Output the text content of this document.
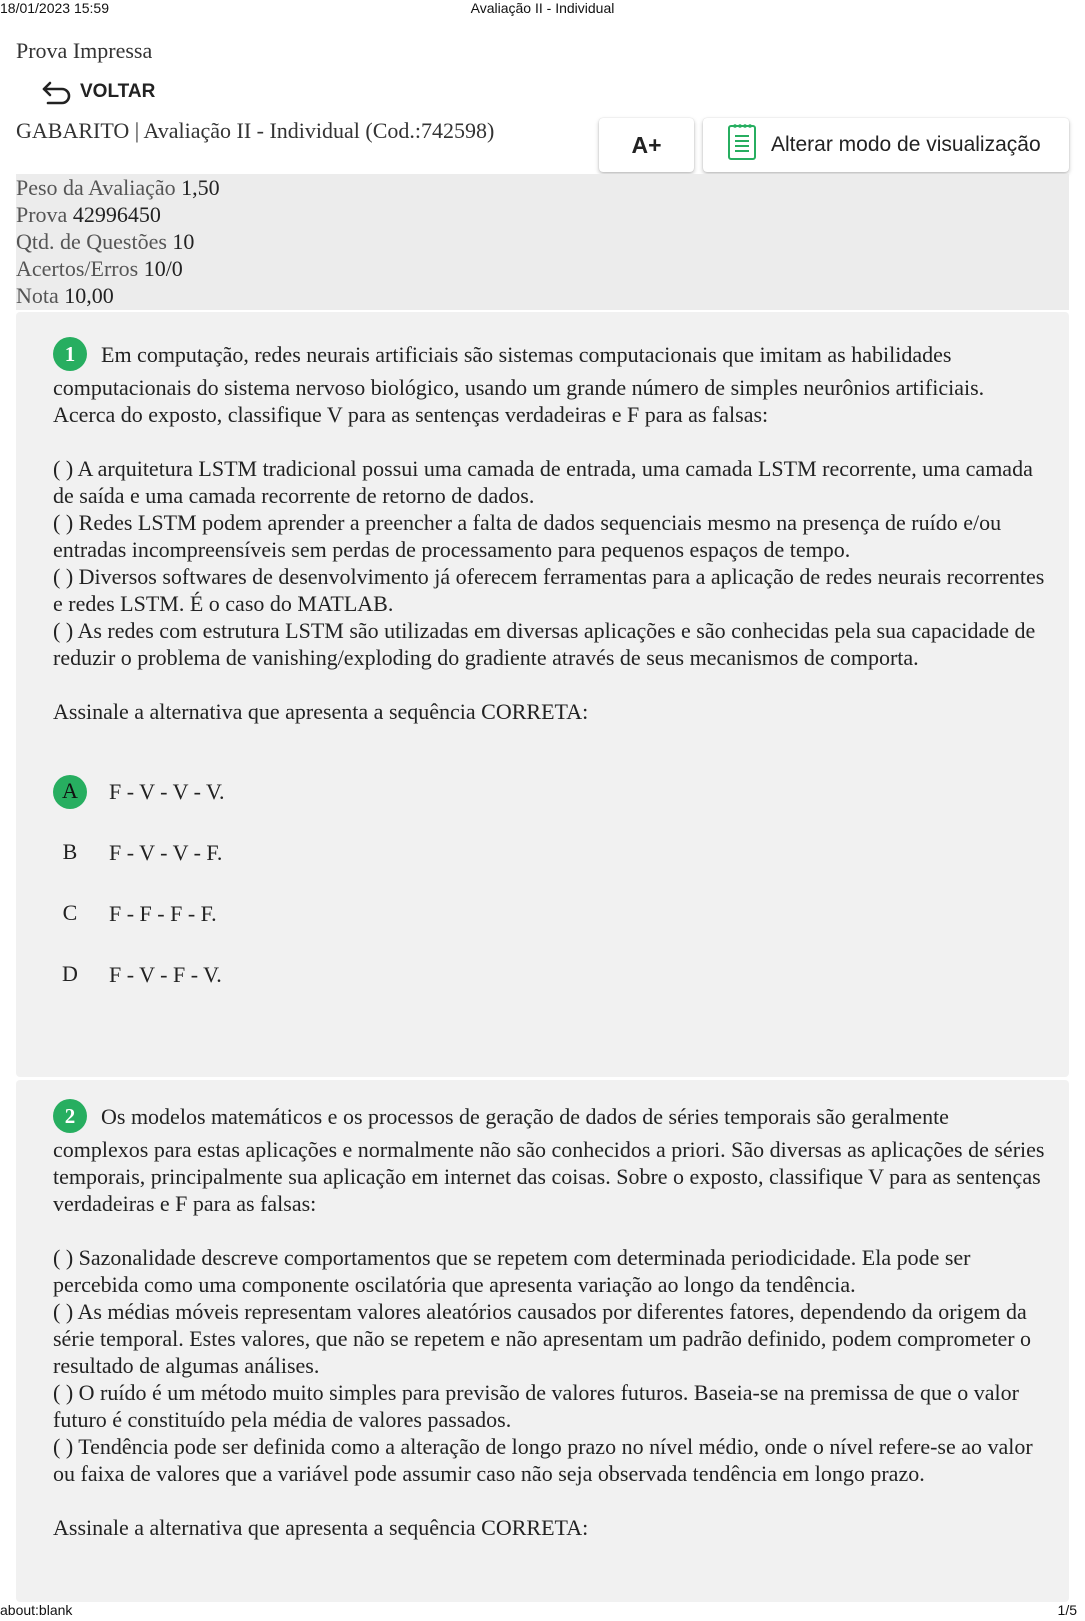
18/01/2023 15:59	Avaliação II - Individual
Prova Impressa
VOLTAR
GABARITO | Avaliação II - Individual (Cod.:742598)
A+	Alterar modo de visualização
Peso da Avaliação 1,50
Prova 42996450
Qtd. de Questões 10
Acertos/Erros 10/0
Nota 10,00
1 Em computação, redes neurais artificiais são sistemas computacionais que imitam as habilidades computacionais do sistema nervoso biológico, usando um grande número de simples neurônios artificiais. Acerca do exposto, classifique V para as sentenças verdadeiras e F para as falsas:
( ) A arquitetura LSTM tradicional possui uma camada de entrada, uma camada LSTM recorrente, uma camada de saída e uma camada recorrente de retorno de dados.
( ) Redes LSTM podem aprender a preencher a falta de dados sequenciais mesmo na presença de ruído e/ou entradas incompreensíveis sem perdas de processamento para pequenos espaços de tempo.
( ) Diversos softwares de desenvolvimento já oferecem ferramentas para a aplicação de redes neurais recorrentes e redes LSTM. É o caso do MATLAB.
( ) As redes com estrutura LSTM são utilizadas em diversas aplicações e são conhecidas pela sua capacidade de reduzir o problema de vanishing/exploding do gradiente através de seus mecanismos de comporta.
Assinale a alternativa que apresenta a sequência CORRETA:
A	F - V - V - V.
B	F - V - V - F.
C	F - F - F - F.
D	F - V - F - V.
2 Os modelos matemáticos e os processos de geração de dados de séries temporais são geralmente complexos para estas aplicações e normalmente não são conhecidos a priori. São diversas as aplicações de séries temporais, principalmente sua aplicação em internet das coisas. Sobre o exposto, classifique V para as sentenças verdadeiras e F para as falsas:
( ) Sazonalidade descreve comportamentos que se repetem com determinada periodicidade. Ela pode ser percebida como uma componente oscilatória que apresenta variação ao longo da tendência.
( ) As médias móveis representam valores aleatórios causados por diferentes fatores, dependendo da origem da série temporal. Estes valores, que não se repetem e não apresentam um padrão definido, podem comprometer o resultado de algumas análises.
( ) O ruído é um método muito simples para previsão de valores futuros. Baseia-se na premissa de que o valor futuro é constituído pela média de valores passados.
( ) Tendência pode ser definida como a alteração de longo prazo no nível médio, onde o nível refere-se ao valor ou faixa de valores que a variável pode assumir caso não seja observada tendência em longo prazo.
Assinale a alternativa que apresenta a sequência CORRETA:
about:blank	1/5
